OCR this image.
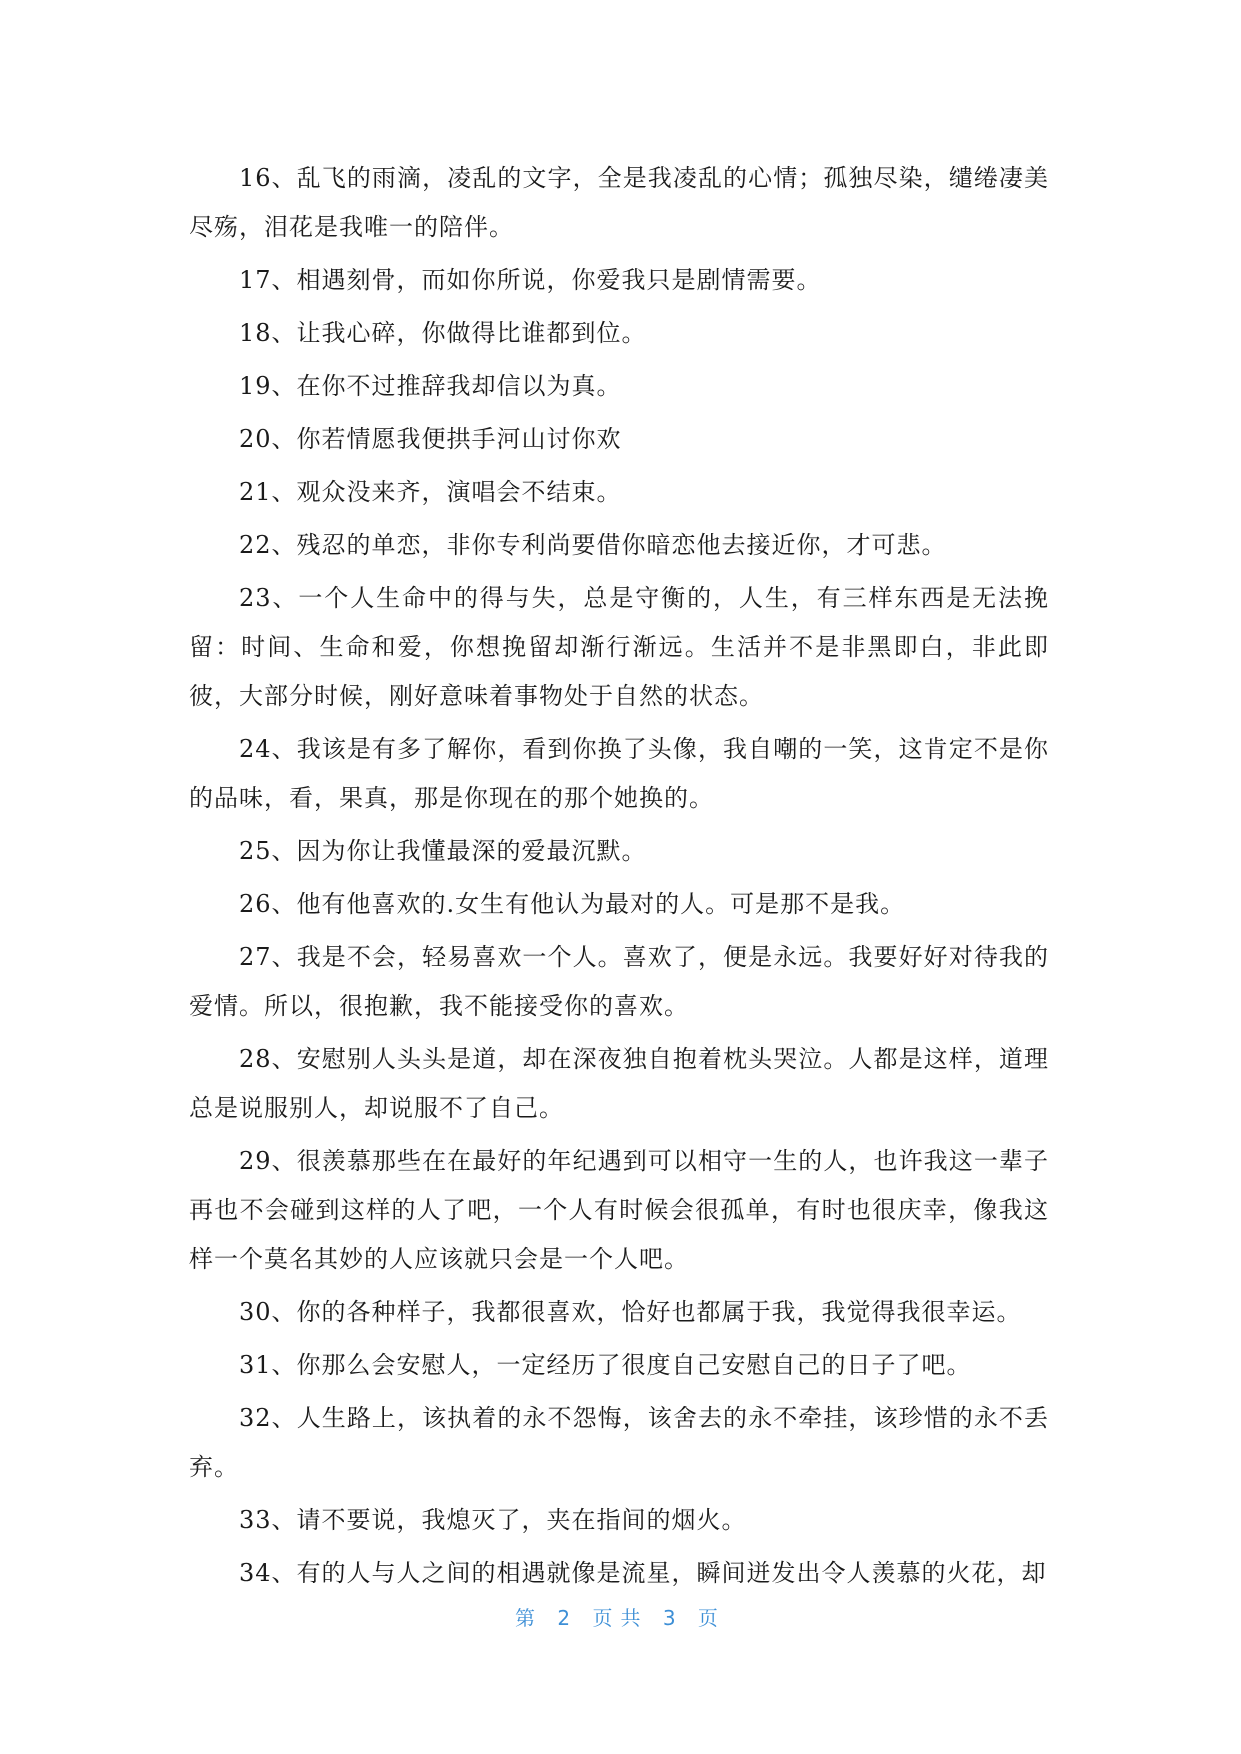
16、乱飞的雨滴，凌乱的文字，全是我凌乱的心情；孤独尽染，缱绻凄美尽殇，泪花是我唯一的陪伴。

17、相遇刻骨，而如你所说，你爱我只是剧情需要。

18、让我心碎，你做得比谁都到位。

19、在你不过推辞我却信以为真。

20、你若情愿我便拱手河山讨你欢

21、观众没来齐，演唱会不结束。

22、残忍的单恋，非你专利尚要借你暗恋他去接近你，才可悲。

23、一个人生命中的得与失，总是守衡的，人生，有三样东西是无法挽留：时间、生命和爱，你想挽留却渐行渐远。生活并不是非黑即白，非此即彼，大部分时候，刚好意味着事物处于自然的状态。

24、我该是有多了解你，看到你换了头像，我自嘲的一笑，这肯定不是你的品味，看，果真，那是你现在的那个她换的。

25、因为你让我懂最深的爱最沉默。

26、他有他喜欢的.女生有他认为最对的人。可是那不是我。

27、我是不会，轻易喜欢一个人。喜欢了，便是永远。我要好好对待我的爱情。所以，很抱歉，我不能接受你的喜欢。

28、安慰别人头头是道，却在深夜独自抱着枕头哭泣。人都是这样，道理总是说服别人，却说服不了自己。

29、很羡慕那些在在最好的年纪遇到可以相守一生的人，也许我这一辈子再也不会碰到这样的人了吧，一个人有时候会很孤单，有时也很庆幸，像我这样一个莫名其妙的人应该就只会是一个人吧。

30、你的各种样子，我都很喜欢，恰好也都属于我，我觉得我很幸运。

31、你那么会安慰人，一定经历了很度自己安慰自己的日子了吧。

32、人生路上，该执着的永不怨悔，该舍去的永不牵挂，该珍惜的永不丢弃。

33、请不要说，我熄灭了，夹在指间的烟火。

34、有的人与人之间的相遇就像是流星，瞬间迸发出令人羡慕的火花，却

第 2 页共 3 页
